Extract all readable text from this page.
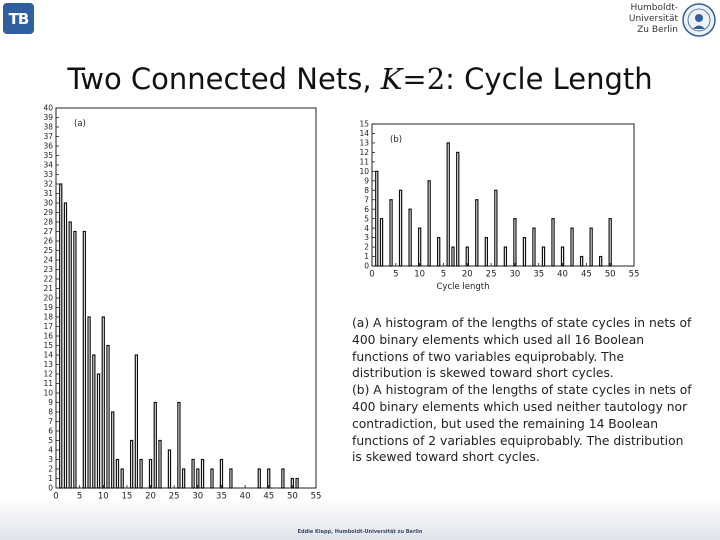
TB
Humboldt-
Universität
Zu Berlin
Two Connected Nets, K=2: Cycle Length
0
1
2
3
4
5
6
7
8
9
10
11
12
13
14
15
16
17
18
19
20
21
22
23
24
25
26
27
28
29
30
31
32
33
34
35
36
37
38
39
40
0 5 10 15 20 25 30 35 40 45 50 55
(a)
0
1
2
3
4
5
6
7
8
9
10
11
12
13
14
15
0 5 10 5 20 25 30 35 40 45 50 55
(b)
Cycle length

(a) A histogram of the lengths of state cycles in nets of 400 binary elements which used all 16 Boolean functions of two variables equiprobably. The distribution is skewed toward short cycles.

(b) A histogram of the lengths of state cycles in nets of 400 binary elements which used neither tautology nor contradiction, but used the remaining 14 Boolean functions of 2 variables equiprobably. The distribution is skewed toward short cycles.

Eddie Klepp, Humboldt-Universität zu Berlin
